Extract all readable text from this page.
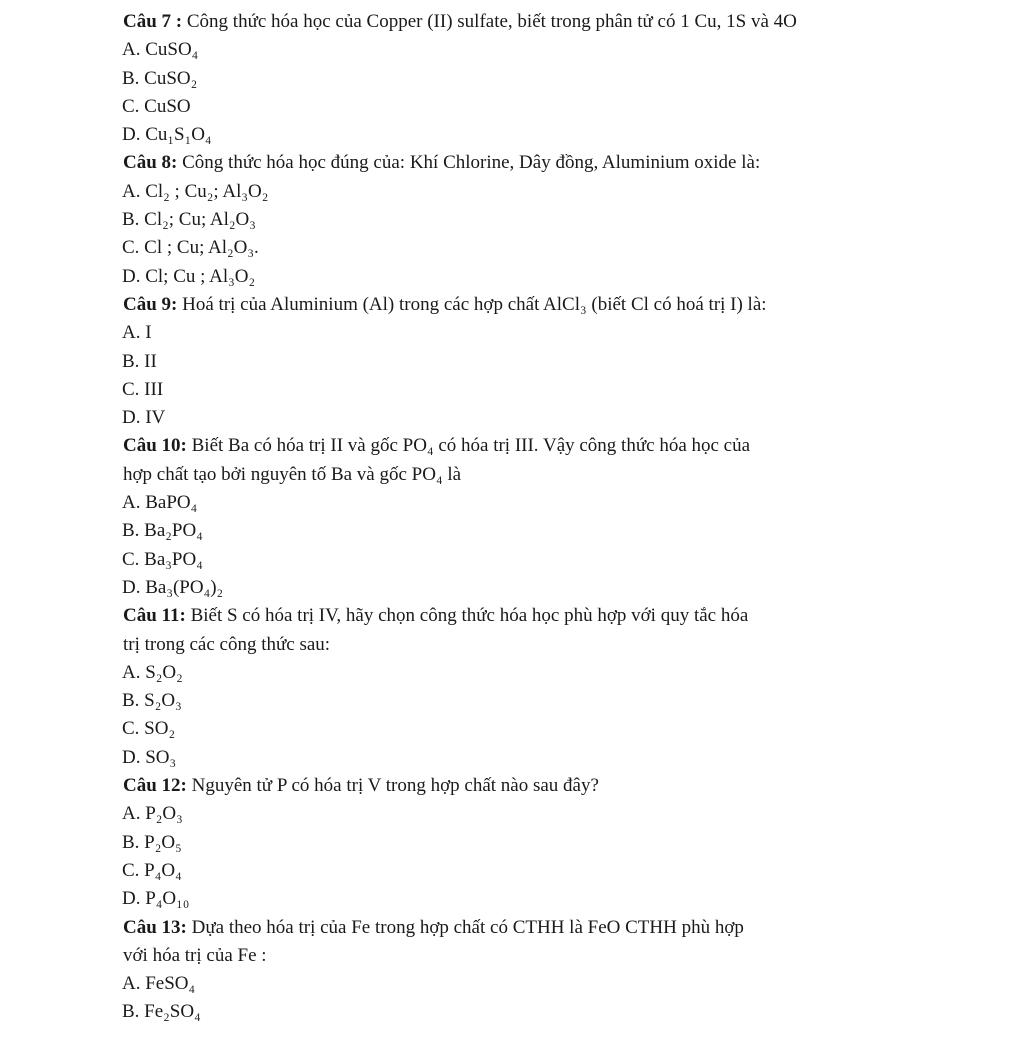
Câu 7 : Công thức hóa học của Copper (II) sulfate, biết trong phân tử có 1 Cu, 1S và 4O
A. CuSO₄
B. CuSO₂
C. CuSO
D. Cu₁S₁O₄
Câu 8: Công thức hóa học đúng của: Khí Chlorine, Dây đồng, Aluminium oxide là:
A. Cl₂ ; Cu₂; Al₃O₂
B. Cl₂; Cu; Al₂O₃
C. Cl ; Cu; Al₂O₃.
D. Cl; Cu ; Al₃O₂
Câu 9: Hoá trị của Aluminium (Al) trong các hợp chất AlCl₃ (biết Cl có hoá trị I) là:
A. I
B. II
C. III
D. IV
Câu 10: Biết Ba có hóa trị II và gốc PO₄ có hóa trị III. Vậy công thức hóa học của
hợp chất tạo bởi nguyên tố Ba và gốc PO₄ là
A. BaPO₄
B. Ba₂PO₄
C. Ba₃PO₄
D. Ba₃(PO₄)₂
Câu 11: Biết S có hóa trị IV, hãy chọn công thức hóa học phù hợp với quy tắc hóa
trị trong các công thức sau:
A. S₂O₂
B. S₂O₃
C. SO₂
D. SO₃
Câu 12: Nguyên tử P có hóa trị V trong hợp chất nào sau đây?
A. P₂O₃
B. P₂O₅
C. P₄O₄
D. P₄O₁₀
Câu 13: Dựa theo hóa trị của Fe trong hợp chất có CTHH là FeO CTHH phù hợp
với hóa trị của Fe :
A. FeSO₄
B. Fe₂SO₄
